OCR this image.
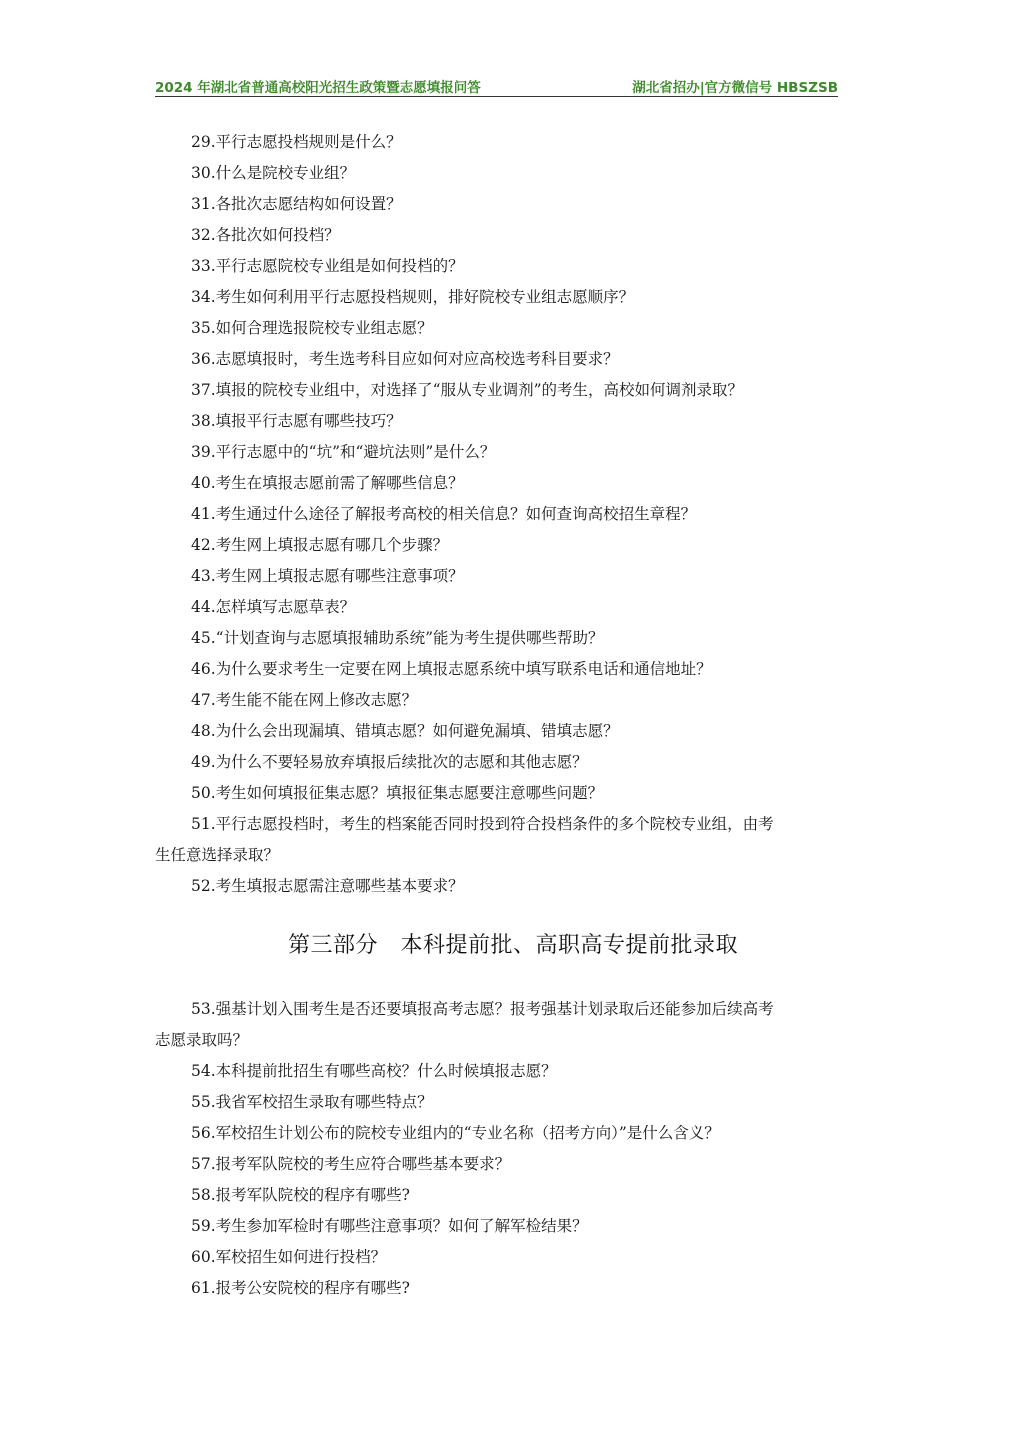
2024 年湖北省普通高校阳光招生政策暨志愿填报问答	湖北省招办|官方微信号 HBSZSB

29.平行志愿投档规则是什么？

30.什么是院校专业组？

31.各批次志愿结构如何设置？

32.各批次如何投档？

33.平行志愿院校专业组是如何投档的？

34.考生如何利用平行志愿投档规则，排好院校专业组志愿顺序？

35.如何合理选报院校专业组志愿？

36.志愿填报时，考生选考科目应如何对应高校选考科目要求？

37.填报的院校专业组中，对选择了“服从专业调剂”的考生，高校如何调剂录取？

38.填报平行志愿有哪些技巧？

39.平行志愿中的“坑”和“避坑法则”是什么？

40.考生在填报志愿前需了解哪些信息？

41.考生通过什么途径了解报考高校的相关信息？如何查询高校招生章程？

42.考生网上填报志愿有哪几个步骤？

43.考生网上填报志愿有哪些注意事项？

44.怎样填写志愿草表？

45.“计划查询与志愿填报辅助系统”能为考生提供哪些帮助？

46.为什么要求考生一定要在网上填报志愿系统中填写联系电话和通信地址？

47.考生能不能在网上修改志愿？

48.为什么会出现漏填、错填志愿？如何避免漏填、错填志愿？

49.为什么不要轻易放弃填报后续批次的志愿和其他志愿？

50.考生如何填报征集志愿？填报征集志愿要注意哪些问题？

51.平行志愿投档时，考生的档案能否同时投到符合投档条件的多个院校专业组，由考
生任意选择录取？

52.考生填报志愿需注意哪些基本要求？

第三部分　本科提前批、高职高专提前批录取

53.强基计划入围考生是否还要填报高考志愿？报考强基计划录取后还能参加后续高考
志愿录取吗？

54.本科提前批招生有哪些高校？什么时候填报志愿？

55.我省军校招生录取有哪些特点？

56.军校招生计划公布的院校专业组内的“专业名称（招考方向）”是什么含义？

57.报考军队院校的考生应符合哪些基本要求？

58.报考军队院校的程序有哪些?

59.考生参加军检时有哪些注意事项？如何了解军检结果？

60.军校招生如何进行投档？

61.报考公安院校的程序有哪些?
